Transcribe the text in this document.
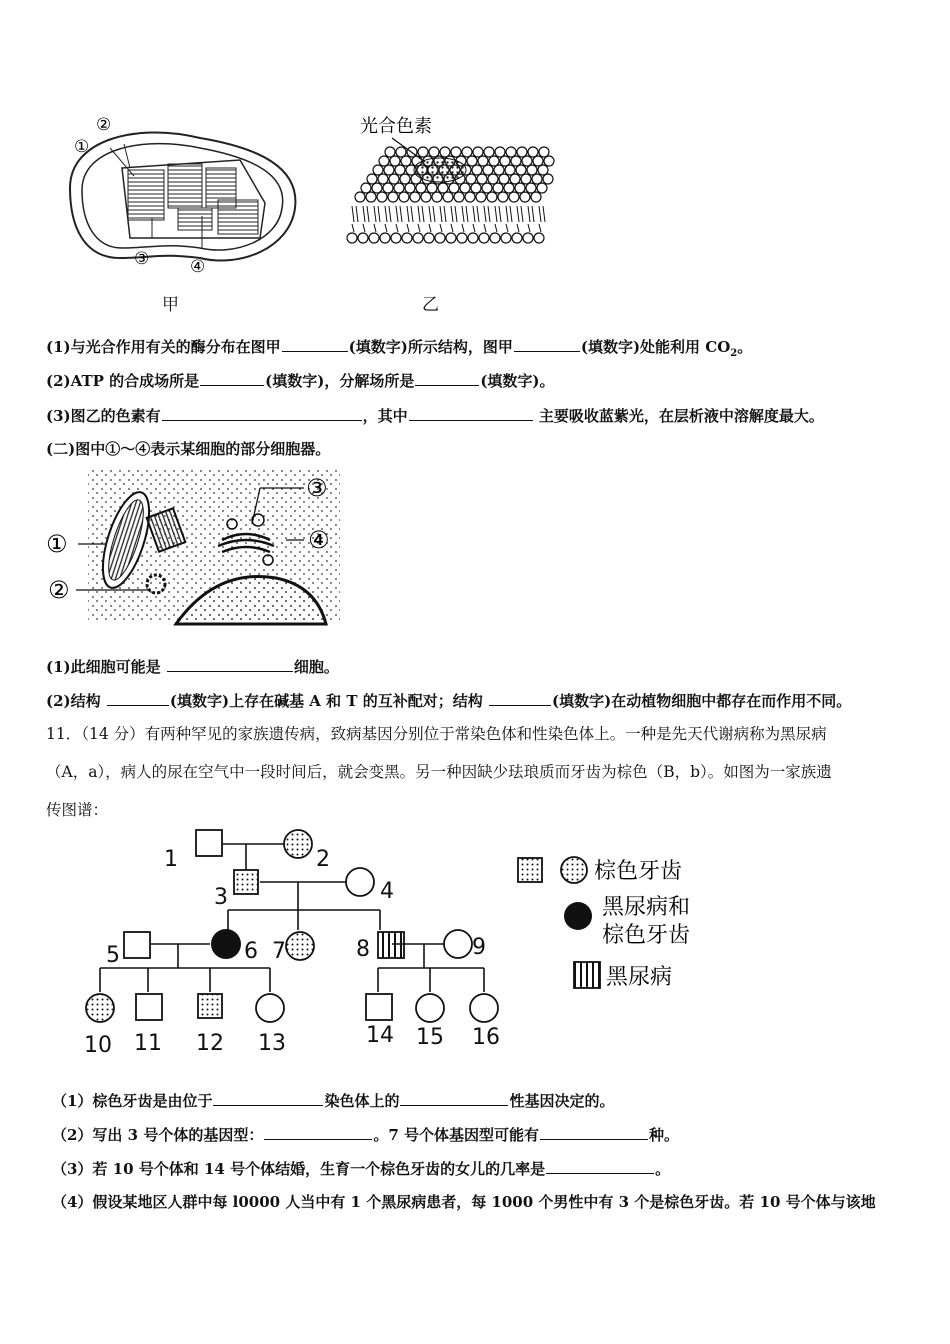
②
①
③ ④
甲
光合色素
乙
(1)与光合作用有关的酶分布在图甲	(填数字)所示结构，图甲	(填数字)处能利用 $CO_2$。
(2)ATP 的合成场所是	(填数字)，分解场所是	(填数字)。
(3)图乙的色素有	，其中	主要吸收蓝紫光，在层析液中溶解度最大。
(二)图中①～④表示某细胞的部分细胞器。
①
②
③
④
(1)此细胞可能是	细胞。
(2)结构	(填数字)上存在碱基 A 和 T 的互补配对；结构	(填数字)在动植物细胞中都存在而作用不同。
11．（14 分）有两种罕见的家族遗传病，致病基因分别位于常染色体和性染色体上。一种是先天代谢病称为黑尿病
（A，a），病人的尿在空气中一段时间后，就会变黑。另一种因缺少珐琅质而牙齿为棕色（B，b）。如图为一家族遗
传图谱：
1	2
3	4
5	6 7	8	9
10 11 12 13	14 15 16
棕色牙齿
黑尿病和
棕色牙齿
黑尿病
（1）棕色牙齿是由位于	染色体上的	性基因决定的。
（2）写出 3 号个体的基因型：	。7 号个体基因型可能有	种。
（3）若 10 号个体和 14 号个体结婚，生育一个棕色牙齿的女儿的几率是	。
（4）假设某地区人群中每 l0000 人当中有 1 个黑尿病患者，每 1000 个男性中有 3 个是棕色牙齿。若 10 号个体与该地
